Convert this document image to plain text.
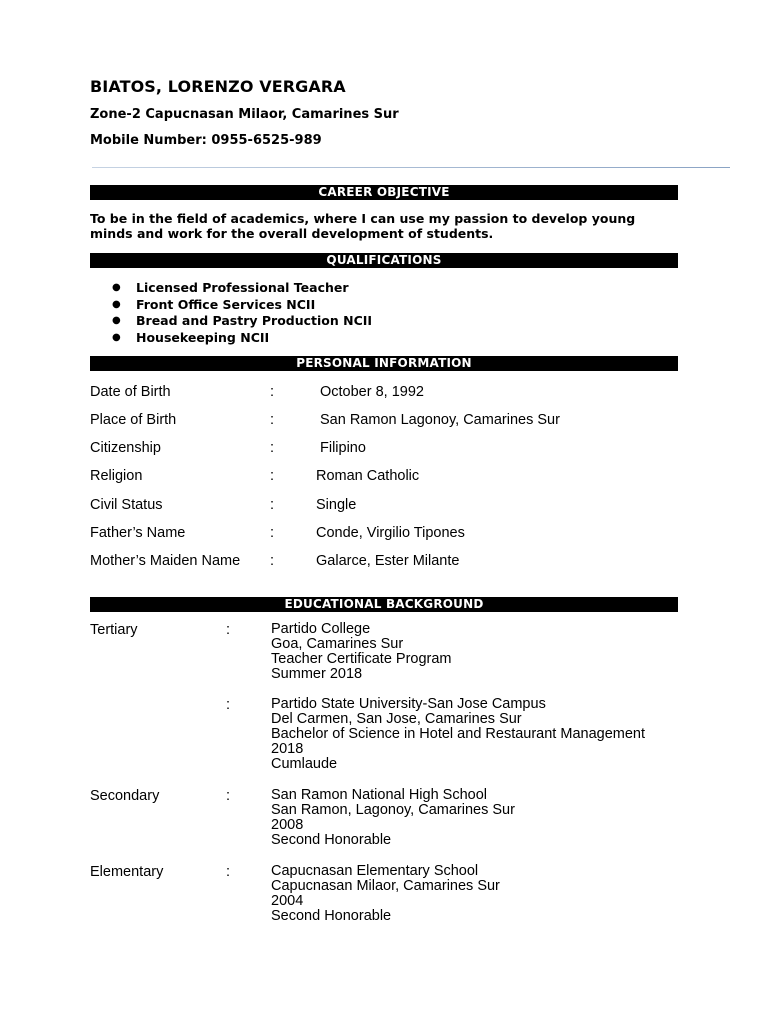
BIATOS, LORENZO VERGARA
Zone-2 Capucnasan Milaor, Camarines Sur
Mobile Number: 0955-6525-989
CAREER OBJECTIVE
To be in the field of academics, where I can use my passion to develop young minds and work for the overall development of students.
QUALIFICATIONS
● Licensed Professional Teacher
● Front Office Services NCII
● Bread and Pastry Production NCII
● Housekeeping NCII
PERSONAL INFORMATION
Date of Birth	:	October 8, 1992
Place of Birth	:	San Ramon Lagonoy, Camarines Sur
Citizenship	:	Filipino
Religion	:	Roman Catholic
Civil Status	:	Single
Father’s Name	:	Conde, Virgilio Tipones
Mother’s Maiden Name :	Galarce, Ester Milante
EDUCATIONAL BACKGROUND
Tertiary	:	Partido College
Goa, Camarines Sur
Teacher Certificate Program
Summer 2018
:	Partido State University-San Jose Campus
Del Carmen, San Jose, Camarines Sur
Bachelor of Science in Hotel and Restaurant Management
2018
Cumlaude
Secondary	:	San Ramon National High School
San Ramon, Lagonoy, Camarines Sur
2008
Second Honorable
Elementary	:	Capucnasan Elementary School
Capucnasan Milaor, Camarines Sur
2004
Second Honorable
